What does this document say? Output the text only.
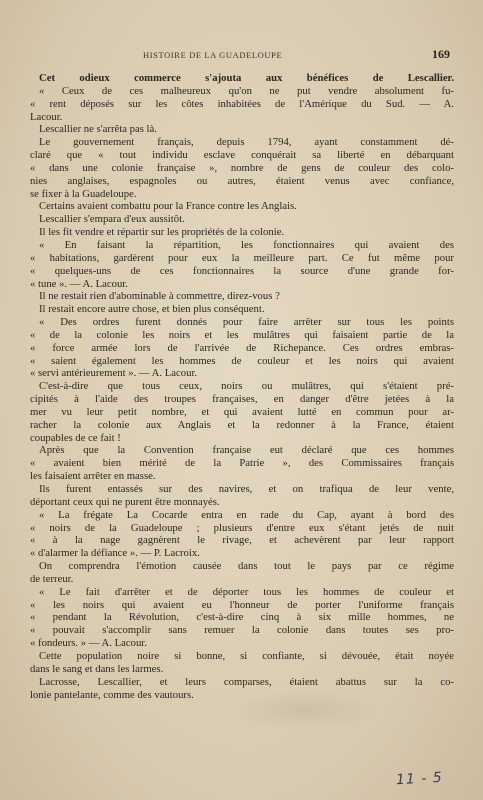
HISTOIRE DE LA GUADELOUPE	169
Cet odieux commerce s'ajouta aux bénéfices de Lescallier.
« Ceux de ces malheureux qu'on ne put vendre absolument fu-
« rent déposés sur les côtes inhabitées de l'Amérique du Sud. — A.
Lacour.
Lescallier ne s'arrêta pas là.
Le gouvernement français, depuis 1794, ayant constamment dé-
claré que « tout individu esclave conquérait sa liberté en débarquant
« dans une colonie française », nombre de gens de couleur des colo-
nies anglaises, espagnoles ou autres, étaient venus avec confiance,
se fixer à la Guadeloupe.
Certains avaient combattu pour la France contre les Anglais.
Lescallier s'empara d'eux aussitôt.
Il les fit vendre et répartir sur les propriétés de la colonie.
« En faisant la répartition, les fonctionnaires qui avaient des
« habitations, gardèrent pour eux la meilleure part. Ce fut même pour
« quelques-uns de ces fonctionnaires la source d'une grande for-
« tune ». — A. Lacour.
Il ne restait rien d'abominable à commettre, direz-vous ?
Il restait encore autre chose, et bien plus conséquent.
« Des ordres furent donnés pour faire arrêter sur tous les points
« de la colonie les noirs et les mulâtres qui faisaient partie de la
« force armée lors de l'arrivée de Richepance. Ces ordres embras-
« saient également les hommes de couleur et les noirs qui avaient
« servi antérieurement ». — A. Lacour.
C'est-à-dire que tous ceux, noirs ou mulâtres, qui s'étaient pré-
cipités à l'aide des troupes françaises, en danger d'être jetées à la
mer vu leur petit nombre, et qui avaient lutté en commun pour ar-
racher la colonie aux Anglais et la redonner à la France, étaient
coupables de ce fait !
Après que la Convention française eut déclaré que ces hommes
« avaient bien mérité de la Patrie », des Commissaires français
les faisaient arrêter en masse.
Ils furent entassés sur des navires, et on trafiqua de leur vente,
déportant ceux qui ne purent être monnayés.
« La frégate La Cocarde entra en rade du Cap, ayant à bord des
« noirs de la Guadeloupe ; plusieurs d'entre eux s'étant jetés de nuit
« à la nage gagnèrent le rivage, et achevèrent par leur rapport
« d'alarmer la défiance ». — P. Lacroix.
On comprendra l'émotion causée dans tout le pays par ce régime
de terreur.
« Le fait d'arrêter et de déporter tous les hommes de couleur et
« les noirs qui avaient eu l'honneur de porter l'uniforme français
« pendant la Révolution, c'est-à-dire cinq à six mille hommes, ne
« pouvait s'accomplir sans remuer la colonie dans toutes ses pro-
« fondeurs. » — A. Lacour.
Cette population noire si bonne, si confiante, si dévouée, était noyée
dans le sang et dans les larmes.
Lacrosse, Lescallier, et leurs comparses, étaient abattus sur la co-
lonie pantelante, comme des vautours.
11 - 5
